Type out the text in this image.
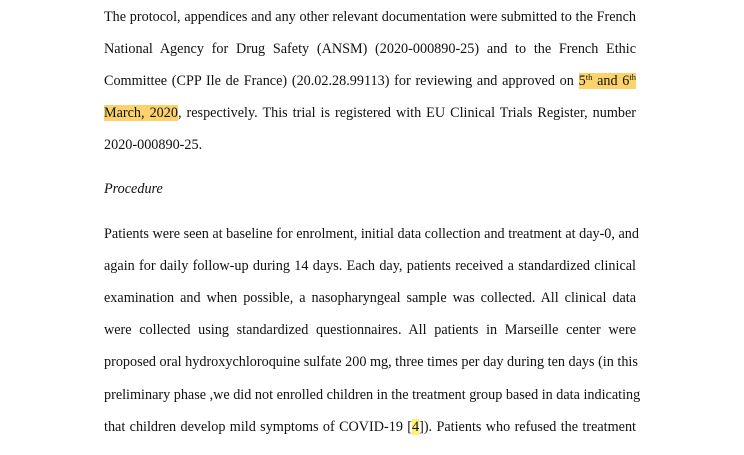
The protocol, appendices and any other relevant documentation were submitted to the French
National Agency for Drug Safety (ANSM) (2020-000890-25) and to the French Ethic
Committee (CPP Ile de France) (20.02.28.99113) for reviewing and approved on 5th and 6th
March, 2020, respectively. This trial is registered with EU Clinical Trials Register, number
2020-000890-25.
Procedure
Patients were seen at baseline for enrolment, initial data collection and treatment at day-0, and
again for daily follow-up during 14 days. Each day, patients received a standardized clinical
examination and when possible, a nasopharyngeal sample was collected. All clinical data
were collected using standardized questionnaires. All patients in Marseille center were
proposed oral hydroxychloroquine sulfate 200 mg, three times per day during ten days (in this
preliminary phase ,we did not enrolled children in the treatment group based in data indicating
that children develop mild symptoms of COVID-19 [4]). Patients who refused the treatment
